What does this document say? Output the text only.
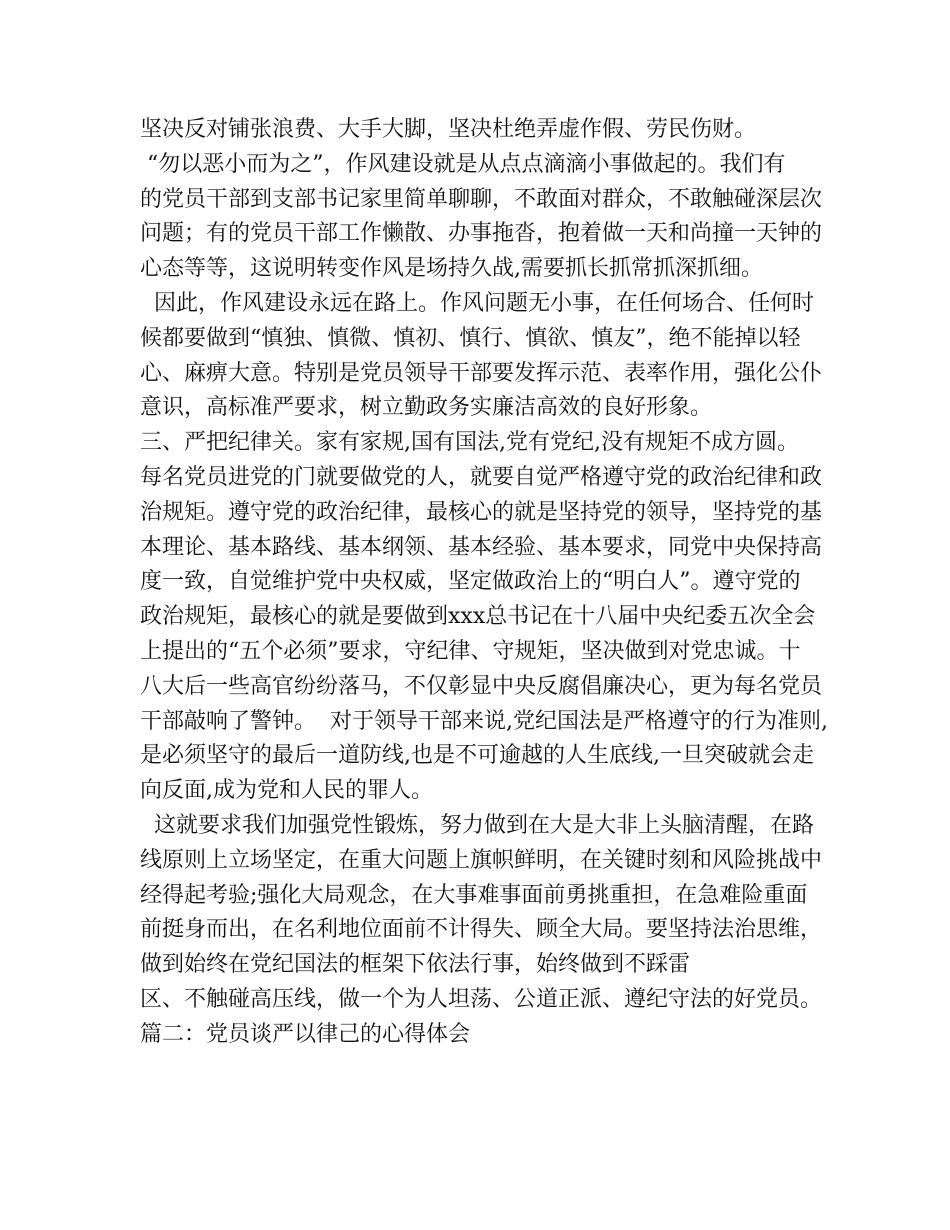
坚决反对铺张浪费、大手大脚，坚决杜绝弄虚作假、劳民伤财。
“勿以恶小而为之”，作风建设就是从点点滴滴小事做起的。我们有
的党员干部到支部书记家里简单聊聊，不敢面对群众，不敢触碰深层次
问题；有的党员干部工作懒散、办事拖沓，抱着做一天和尚撞一天钟的
心态等等，这说明转变作风是场持久战,需要抓长抓常抓深抓细。
因此，作风建设永远在路上。作风问题无小事，在任何场合、任何时
候都要做到“慎独、慎微、慎初、慎行、慎欲、慎友”，绝不能掉以轻
心、麻痹大意。特别是党员领导干部要发挥示范、表率作用，强化公仆
意识，高标准严要求，树立勤政务实廉洁高效的良好形象。
三、严把纪律关。家有家规,国有国法,党有党纪,没有规矩不成方圆。
每名党员进党的门就要做党的人，就要自觉严格遵守党的政治纪律和政
治规矩。遵守党的政治纪律，最核心的就是坚持党的领导，坚持党的基
本理论、基本路线、基本纲领、基本经验、基本要求，同党中央保持高
度一致，自觉维护党中央权威，坚定做政治上的“明白人”。遵守党的
政治规矩，最核心的就是要做到xxx总书记在十八届中央纪委五次全会
上提出的“五个必须”要求，守纪律、守规矩，坚决做到对党忠诚。十
八大后一些高官纷纷落马，不仅彰显中央反腐倡廉决心，更为每名党员
干部敲响了警钟。  对于领导干部来说,党纪国法是严格遵守的行为准则,
是必须坚守的最后一道防线,也是不可逾越的人生底线,一旦突破就会走
向反面,成为党和人民的罪人。
这就要求我们加强党性锻炼，努力做到在大是大非上头脑清醒，在路
线原则上立场坚定，在重大问题上旗帜鲜明，在关键时刻和风险挑战中
经得起考验;强化大局观念，在大事难事面前勇挑重担，在急难险重面
前挺身而出，在名利地位面前不计得失、顾全大局。要坚持法治思维，
做到始终在党纪国法的框架下依法行事，始终做到不踩雷
区、不触碰高压线，做一个为人坦荡、公道正派、遵纪守法的好党员。
篇二：党员谈严以律己的心得体会
